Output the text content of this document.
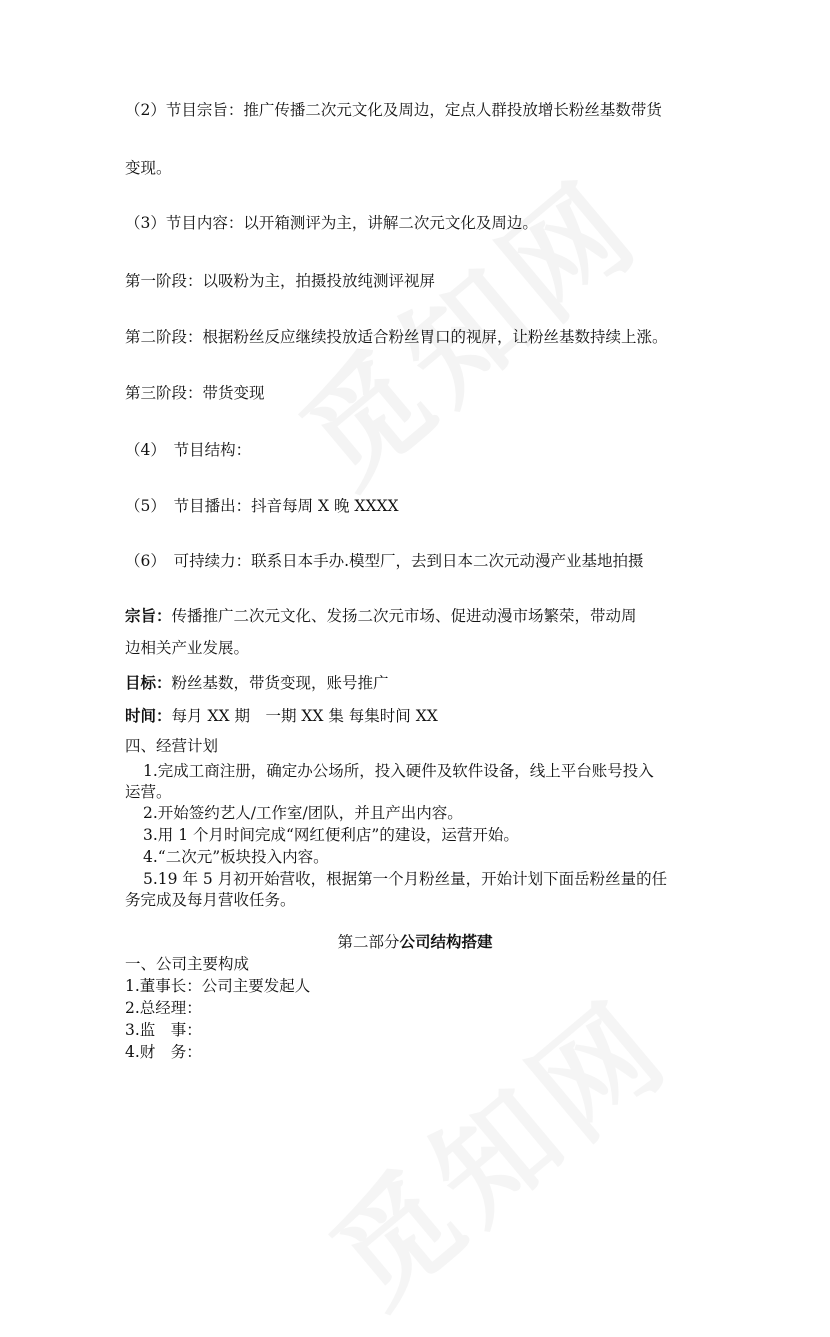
（2）节目宗旨：推广传播二次元文化及周边，定点人群投放增长粉丝基数带货
变现。
（3）节目内容：以开箱测评为主，讲解二次元文化及周边。
第一阶段：以吸粉为主，拍摄投放纯测评视屏
第二阶段：根据粉丝反应继续投放适合粉丝胃口的视屏，让粉丝基数持续上涨。
第三阶段：带货变现
（4）　节目结构：
（5）　节目播出：抖音每周 X 晚 XXXX
（6）　可持续力：联系日本手办.模型厂，去到日本二次元动漫产业基地拍摄
宗旨：传播推广二次元文化、发扬二次元市场、促进动漫市场繁荣，带动周
边相关产业发展。
目标：粉丝基数，带货变现，账号推广
时间：每月 XX 期　一期 XX 集 每集时间 XX
四、经营计划
1.完成工商注册，确定办公场所，投入硬件及软件设备，线上平台账号投入
运营。
2.开始签约艺人/工作室/团队，并且产出内容。
3.用 1 个月时间完成“网红便利店”的建设，运营开始。
4.“二次元”板块投入内容。
5.19 年 5 月初开始营收，根据第一个月粉丝量，开始计划下面岳粉丝量的任
务完成及每月营收任务。
第二部分公司结构搭建
一、公司主要构成
1.董事长：公司主要发起人
2.总经理：
3.监　事：
4.财　务：
